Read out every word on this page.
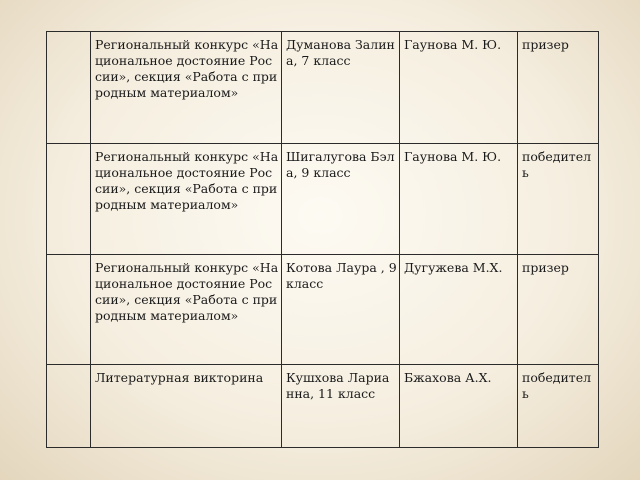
	Региональный конкурс «Национальное достояние России», секция «Работа с природным материалом»	Думанова Залина, 7 класс	Гаунова М. Ю.	призер
	Региональный конкурс «Национальное достояние России», секция «Работа с природным материалом»	Шигалугова Бэла, 9 класс	Гаунова М. Ю.	победитель
	Региональный конкурс «Национальное достояние России», секция «Работа с природным материалом»	Котова Лаура , 9 класс	Дугужева М.Х.	призер
	Литературная викторина	Кушхова Ларианна, 11 класс	Бжахова А.Х.	победитель
